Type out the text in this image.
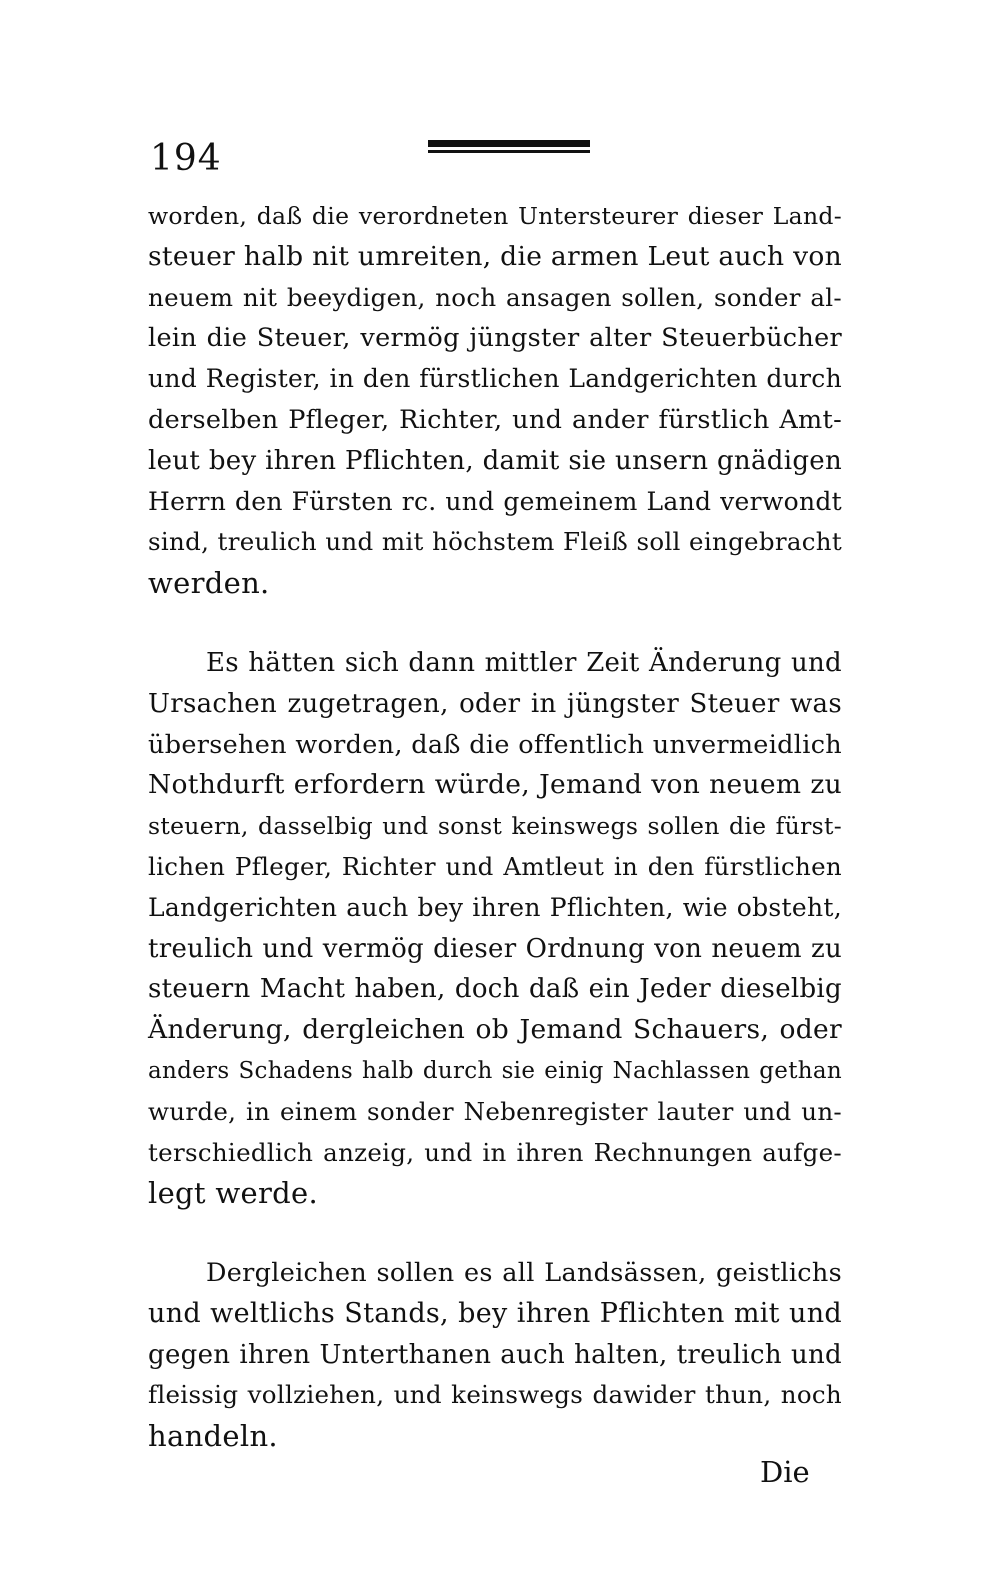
194
worden, daß die verordneten Untersteurer dieser Land-
steuer halb nit umreiten, die armen Leut auch von
neuem nit beeydigen, noch ansagen sollen, sonder al-
lein die Steuer, vermög jüngster alter Steuerbücher
und Register, in den fürstlichen Landgerichten durch
derselben Pfleger, Richter, und ander fürstlich Amt-
leut bey ihren Pflichten, damit sie unsern gnädigen
Herrn den Fürsten rc. und gemeinem Land verwondt
sind, treulich und mit höchstem Fleiß soll eingebracht
werden.
Es hätten sich dann mittler Zeit Änderung und
Ursachen zugetragen, oder in jüngster Steuer was
übersehen worden, daß die offentlich unvermeidlich
Nothdurft erfordern würde, Jemand von neuem zu
steuern, dasselbig und sonst keinswegs sollen die fürst-
lichen Pfleger, Richter und Amtleut in den fürstlichen
Landgerichten auch bey ihren Pflichten, wie obsteht,
treulich und vermög dieser Ordnung von neuem zu
steuern Macht haben, doch daß ein Jeder dieselbig
Änderung, dergleichen ob Jemand Schauers, oder
anders Schadens halb durch sie einig Nachlassen gethan
wurde, in einem sonder Nebenregister lauter und un-
terschiedlich anzeig, und in ihren Rechnungen aufge-
legt werde.
Dergleichen sollen es all Landsässen, geistlichs
und weltlichs Stands, bey ihren Pflichten mit und
gegen ihren Unterthanen auch halten, treulich und
fleissig vollziehen, und keinswegs dawider thun, noch
handeln.
Die
